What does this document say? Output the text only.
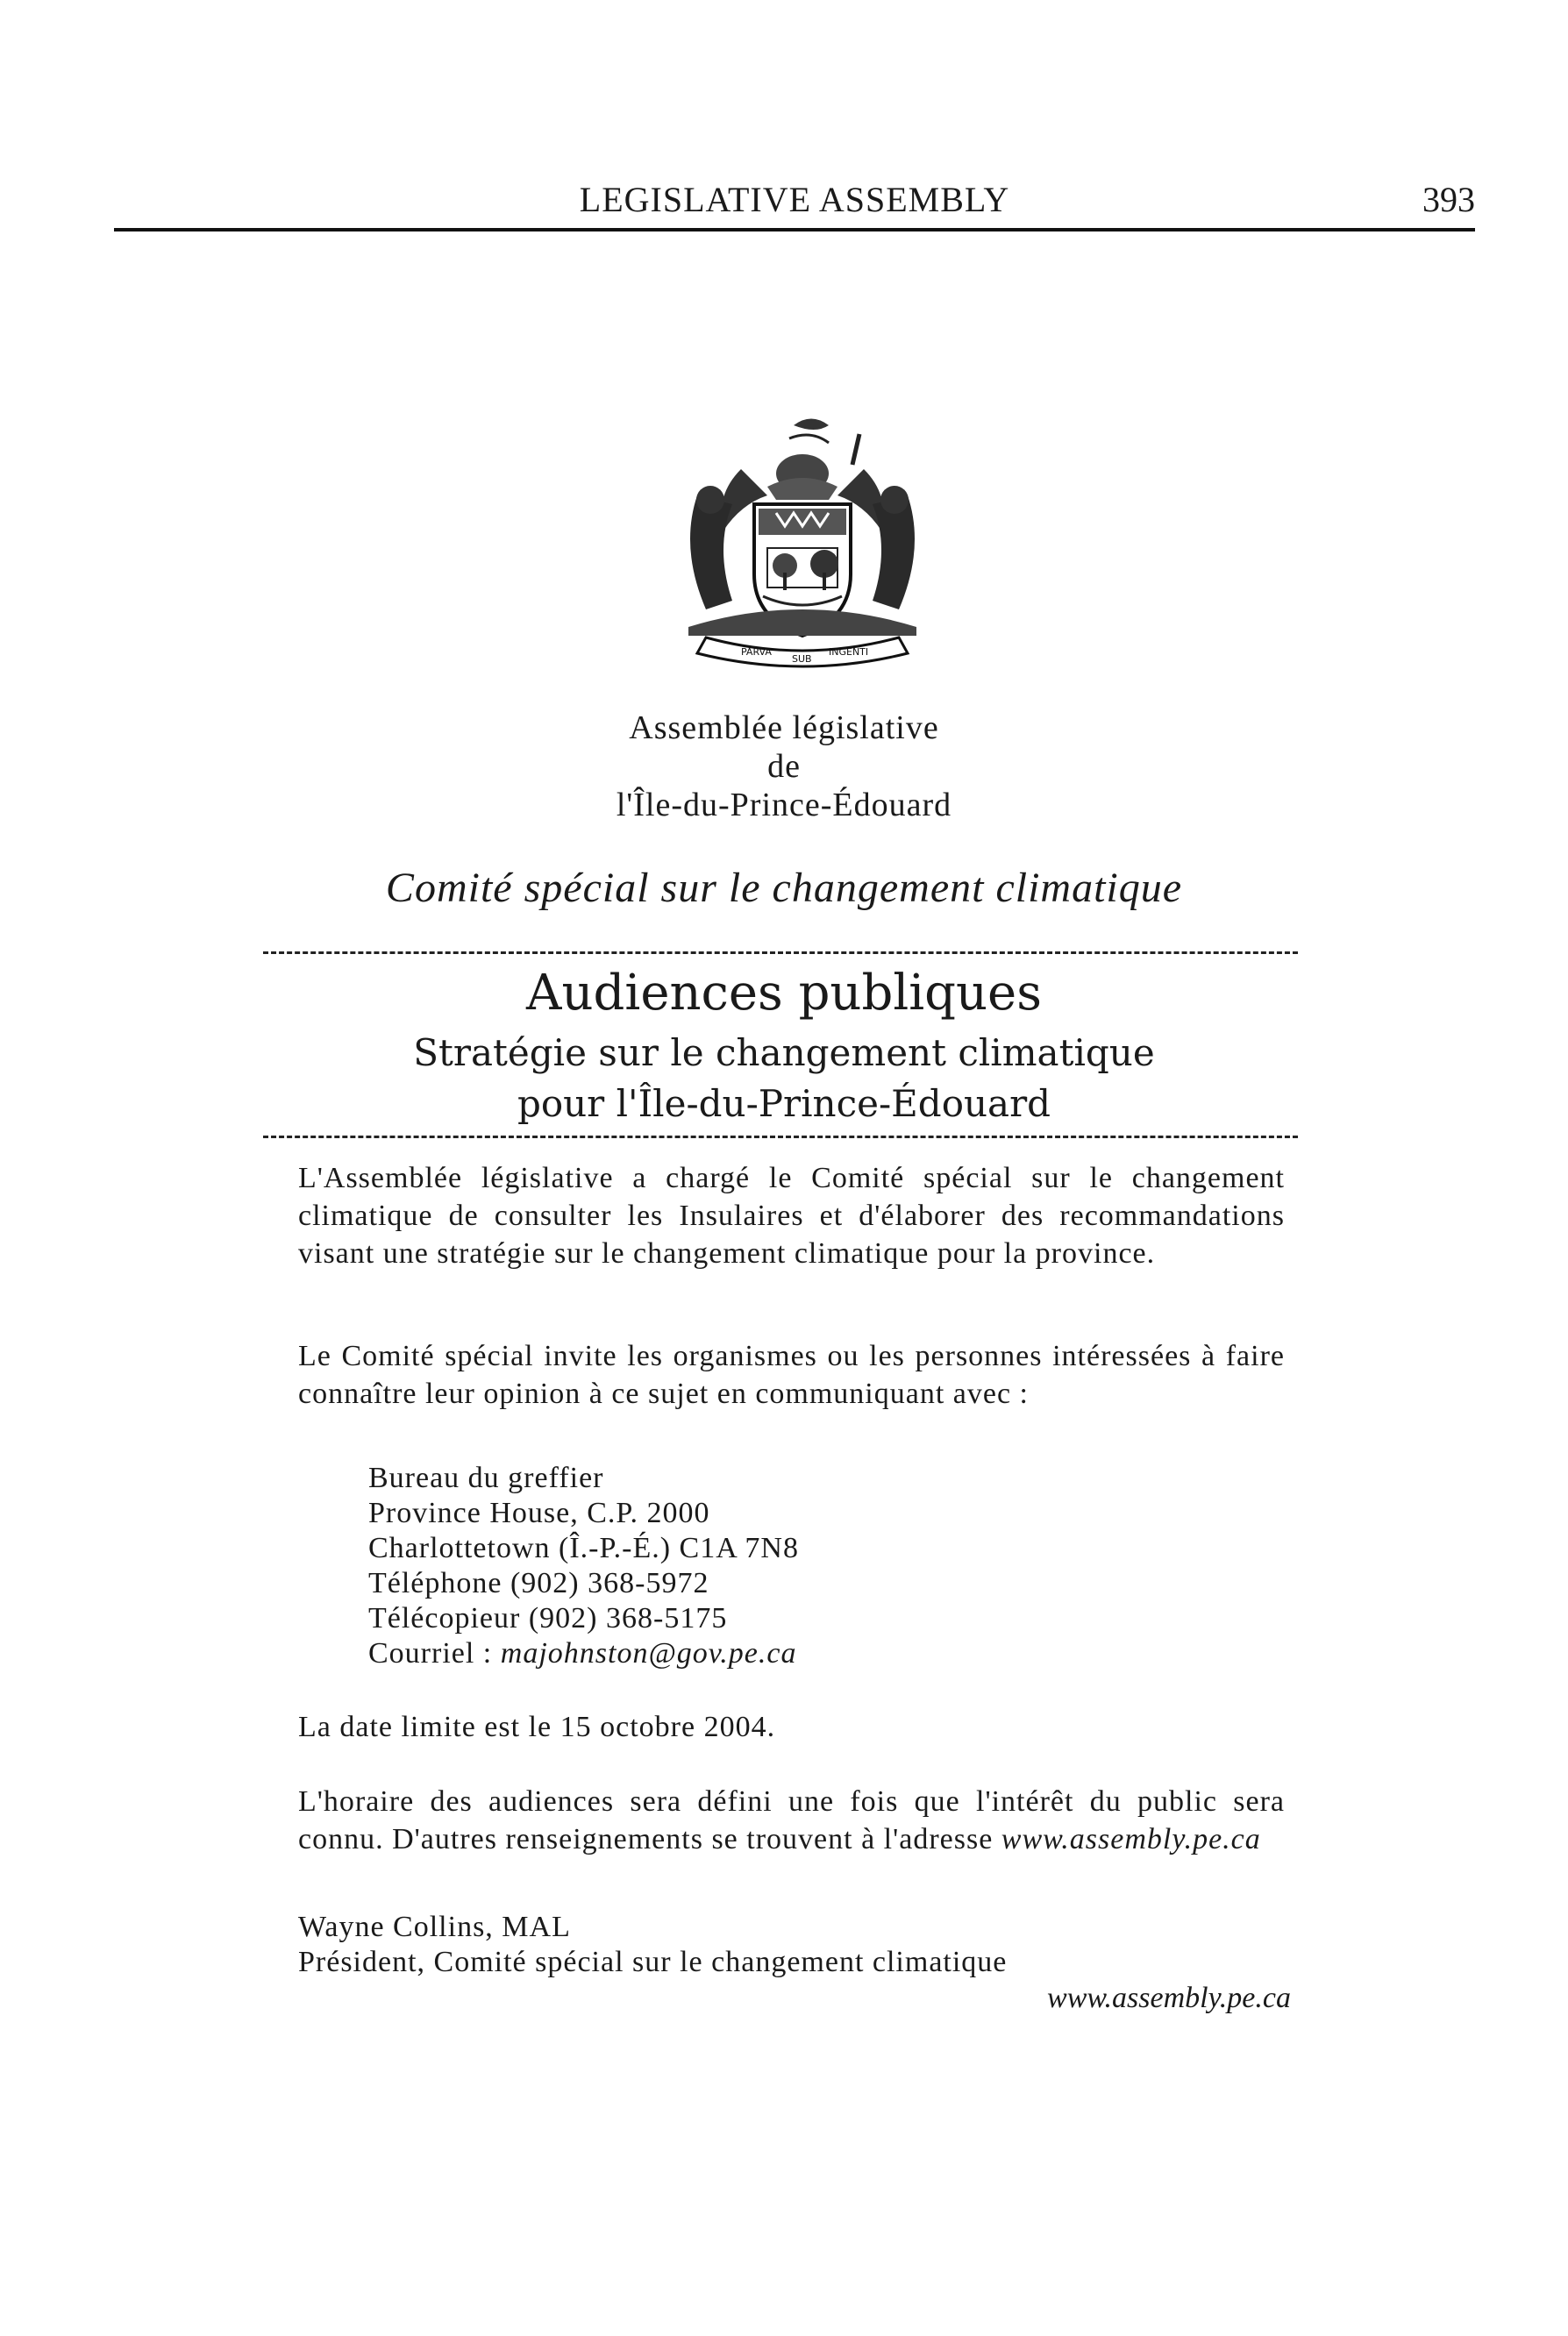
LEGISLATIVE ASSEMBLY	393
PARVA
SUB
INGENTI
Assemblée législative
de
l'Île-du-Prince-Édouard
Comité spécial sur le changement climatique
Audiences publiques
Stratégie sur le changement climatique
pour l'Île-du-Prince-Édouard
L'Assemblée législative a chargé le Comité spécial sur le changement climatique de consulter les Insulaires et d'élaborer des recommandations visant une stratégie sur le changement climatique pour la province.
Le Comité spécial invite les organismes ou les personnes intéressées à faire connaître leur opinion à ce sujet en communiquant avec :
Bureau du greffier
Province House, C.P. 2000
Charlottetown (Î.-P.-É.) C1A 7N8
Téléphone (902) 368-5972
Télécopieur (902) 368-5175
Courriel : majohnston@gov.pe.ca
La date limite est le 15 octobre 2004.
L'horaire des audiences sera défini une fois que l'intérêt du public sera connu. D'autres renseignements se trouvent à l'adresse www.assembly.pe.ca
Wayne Collins, MAL
Président, Comité spécial sur le changement climatique
www.assembly.pe.ca
